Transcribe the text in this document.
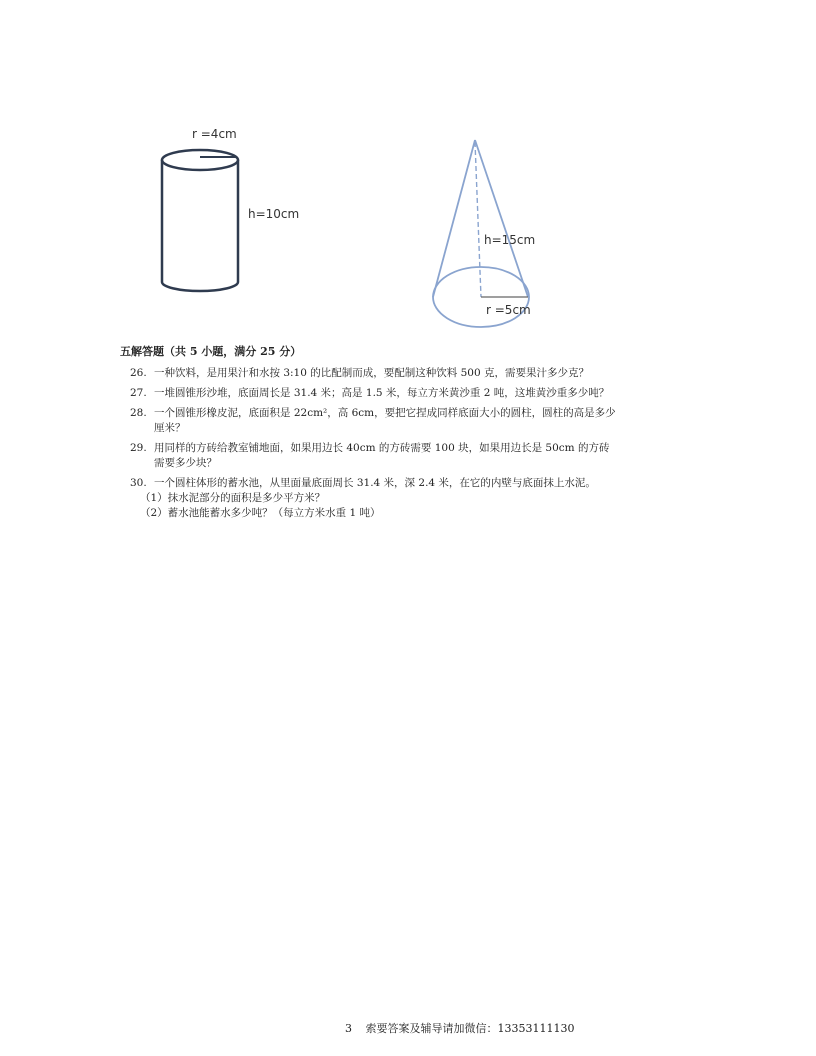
r =4cm
h=10cm
h=15cm
r =5cm
五解答题（共 5 小题，满分 25 分）
26. 一种饮料，是用果汁和水按 3:10 的比配制而成，要配制这种饮料 500 克，需要果汁多少克？
27. 一堆圆锥形沙堆，底面周长是 31.4 米；高是 1.5 米，每立方米黄沙重 2 吨，这堆黄沙重多少吨？
28. 一个圆锥形橡皮泥，底面积是 22cm²，高 6cm，要把它捏成同样底面大小的圆柱，圆柱的高是多少
厘米？
29. 用同样的方砖给教室铺地面，如果用边长 40cm 的方砖需要 100 块，如果用边长是 50cm 的方砖
需要多少块？
30. 一个圆柱体形的蓄水池，从里面量底面周长 31.4 米，深 2.4 米，在它的内壁与底面抹上水泥。
（1）抹水泥部分的面积是多少平方米？
（2）蓄水池能蓄水多少吨？（每立方米水重 1 吨）
3 索要答案及辅导请加微信：13353111130
